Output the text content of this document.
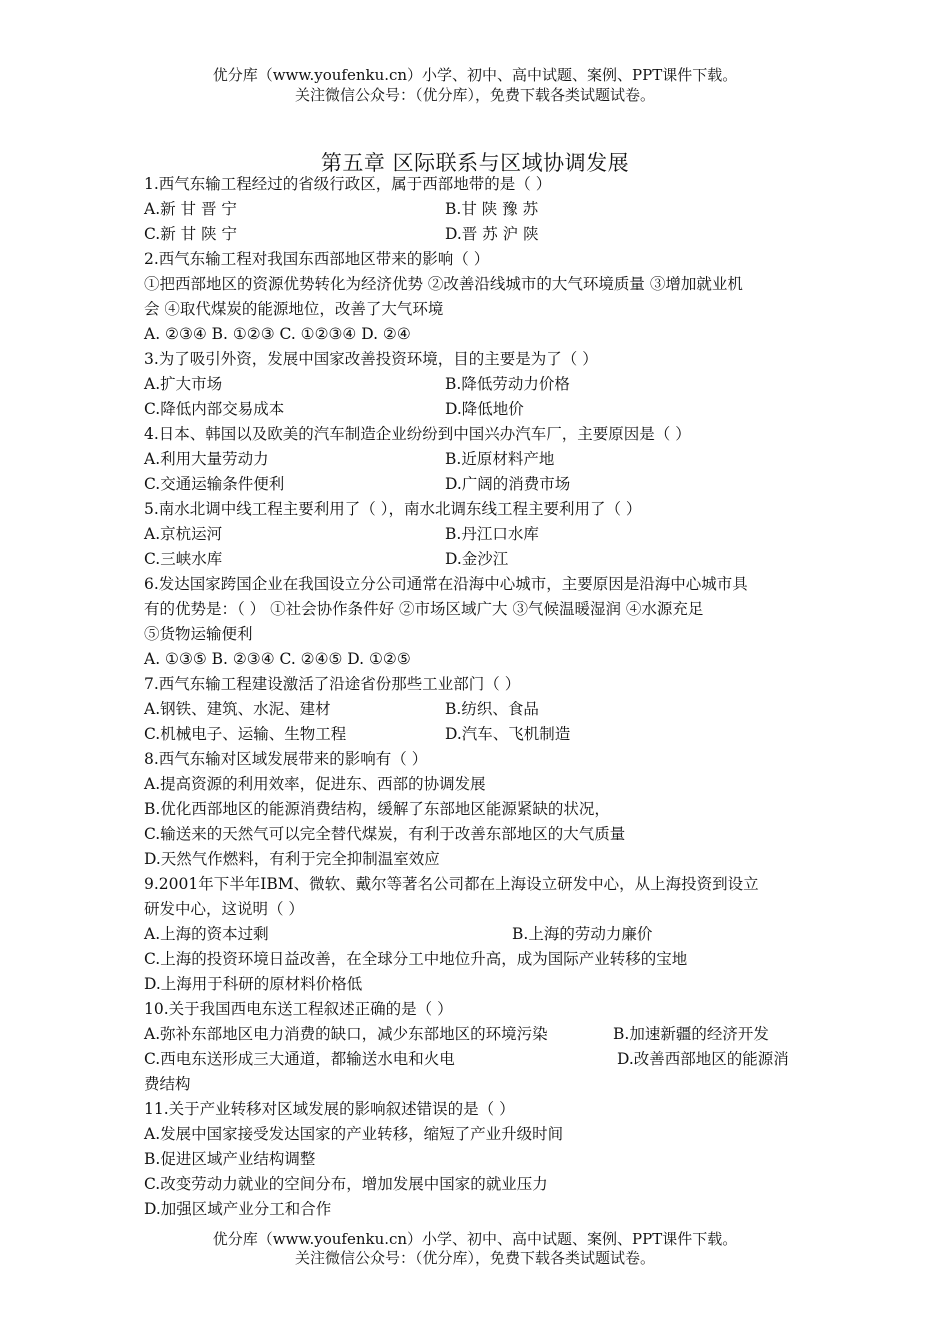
优分库（www.youfenku.cn）小学、初中、高中试题、案例、PPT课件下载。
关注微信公众号：（优分库），免费下载各类试题试卷。
第五章 区际联系与区域协调发展
1.西气东输工程经过的省级行政区，属于西部地带的是（ ）
A.新 甘 晋 宁	B.甘 陕 豫 苏
C.新 甘 陕 宁	D.晋 苏 沪 陕
2.西气东输工程对我国东西部地区带来的影响（ ）
①把西部地区的资源优势转化为经济优势 ②改善沿线城市的大气环境质量 ③增加就业机
会 ④取代煤炭的能源地位，改善了大气环境
A. ②③④ B. ①②③ C. ①②③④ D. ②④
3.为了吸引外资，发展中国家改善投资环境，目的主要是为了（ ）
A.扩大市场	B.降低劳动力价格
C.降低内部交易成本	D.降低地价
4.日本、韩国以及欧美的汽车制造企业纷纷到中国兴办汽车厂，主要原因是（ ）
A.利用大量劳动力	B.近原材料产地
C.交通运输条件便利	D.广阔的消费市场
5.南水北调中线工程主要利用了（ ），南水北调东线工程主要利用了（ ）
A.京杭运河	B.丹江口水库
C.三峡水库	D.金沙江
6.发达国家跨国企业在我国设立分公司通常在沿海中心城市，主要原因是沿海中心城市具
有的优势是：（ ） ①社会协作条件好 ②市场区域广大 ③气候温暖湿润 ④水源充足
⑤货物运输便利
A. ①③⑤ B. ②③④ C. ②④⑤ D. ①②⑤
7.西气东输工程建设激活了沿途省份那些工业部门（ ）
A.钢铁、建筑、水泥、建材	B.纺织、食品
C.机械电子、运输、生物工程	D.汽车、飞机制造
8.西气东输对区域发展带来的影响有（ ）
A.提高资源的利用效率，促进东、西部的协调发展
B.优化西部地区的能源消费结构，缓解了东部地区能源紧缺的状况，
C.输送来的天然气可以完全替代煤炭，有利于改善东部地区的大气质量
D.天然气作燃料，有利于完全抑制温室效应
9.2001年下半年IBM、微软、戴尔等著名公司都在上海设立研发中心，从上海投资到设立
研发中心，这说明（ ）
A.上海的资本过剩	B.上海的劳动力廉价
C.上海的投资环境日益改善，在全球分工中地位升高，成为国际产业转移的宝地
D.上海用于科研的原材料价格低
10.关于我国西电东送工程叙述正确的是（ ）
A.弥补东部地区电力消费的缺口，减少东部地区的环境污染	B.加速新疆的经济开发
C.西电东送形成三大通道，都输送水电和火电	D.改善西部地区的能源消
费结构
11.关于产业转移对区域发展的影响叙述错误的是（ ）
A.发展中国家接受发达国家的产业转移，缩短了产业升级时间
B.促进区域产业结构调整
C.改变劳动力就业的空间分布，增加发展中国家的就业压力
D.加强区域产业分工和合作
优分库（www.youfenku.cn）小学、初中、高中试题、案例、PPT课件下载。
关注微信公众号：（优分库），免费下载各类试题试卷。
